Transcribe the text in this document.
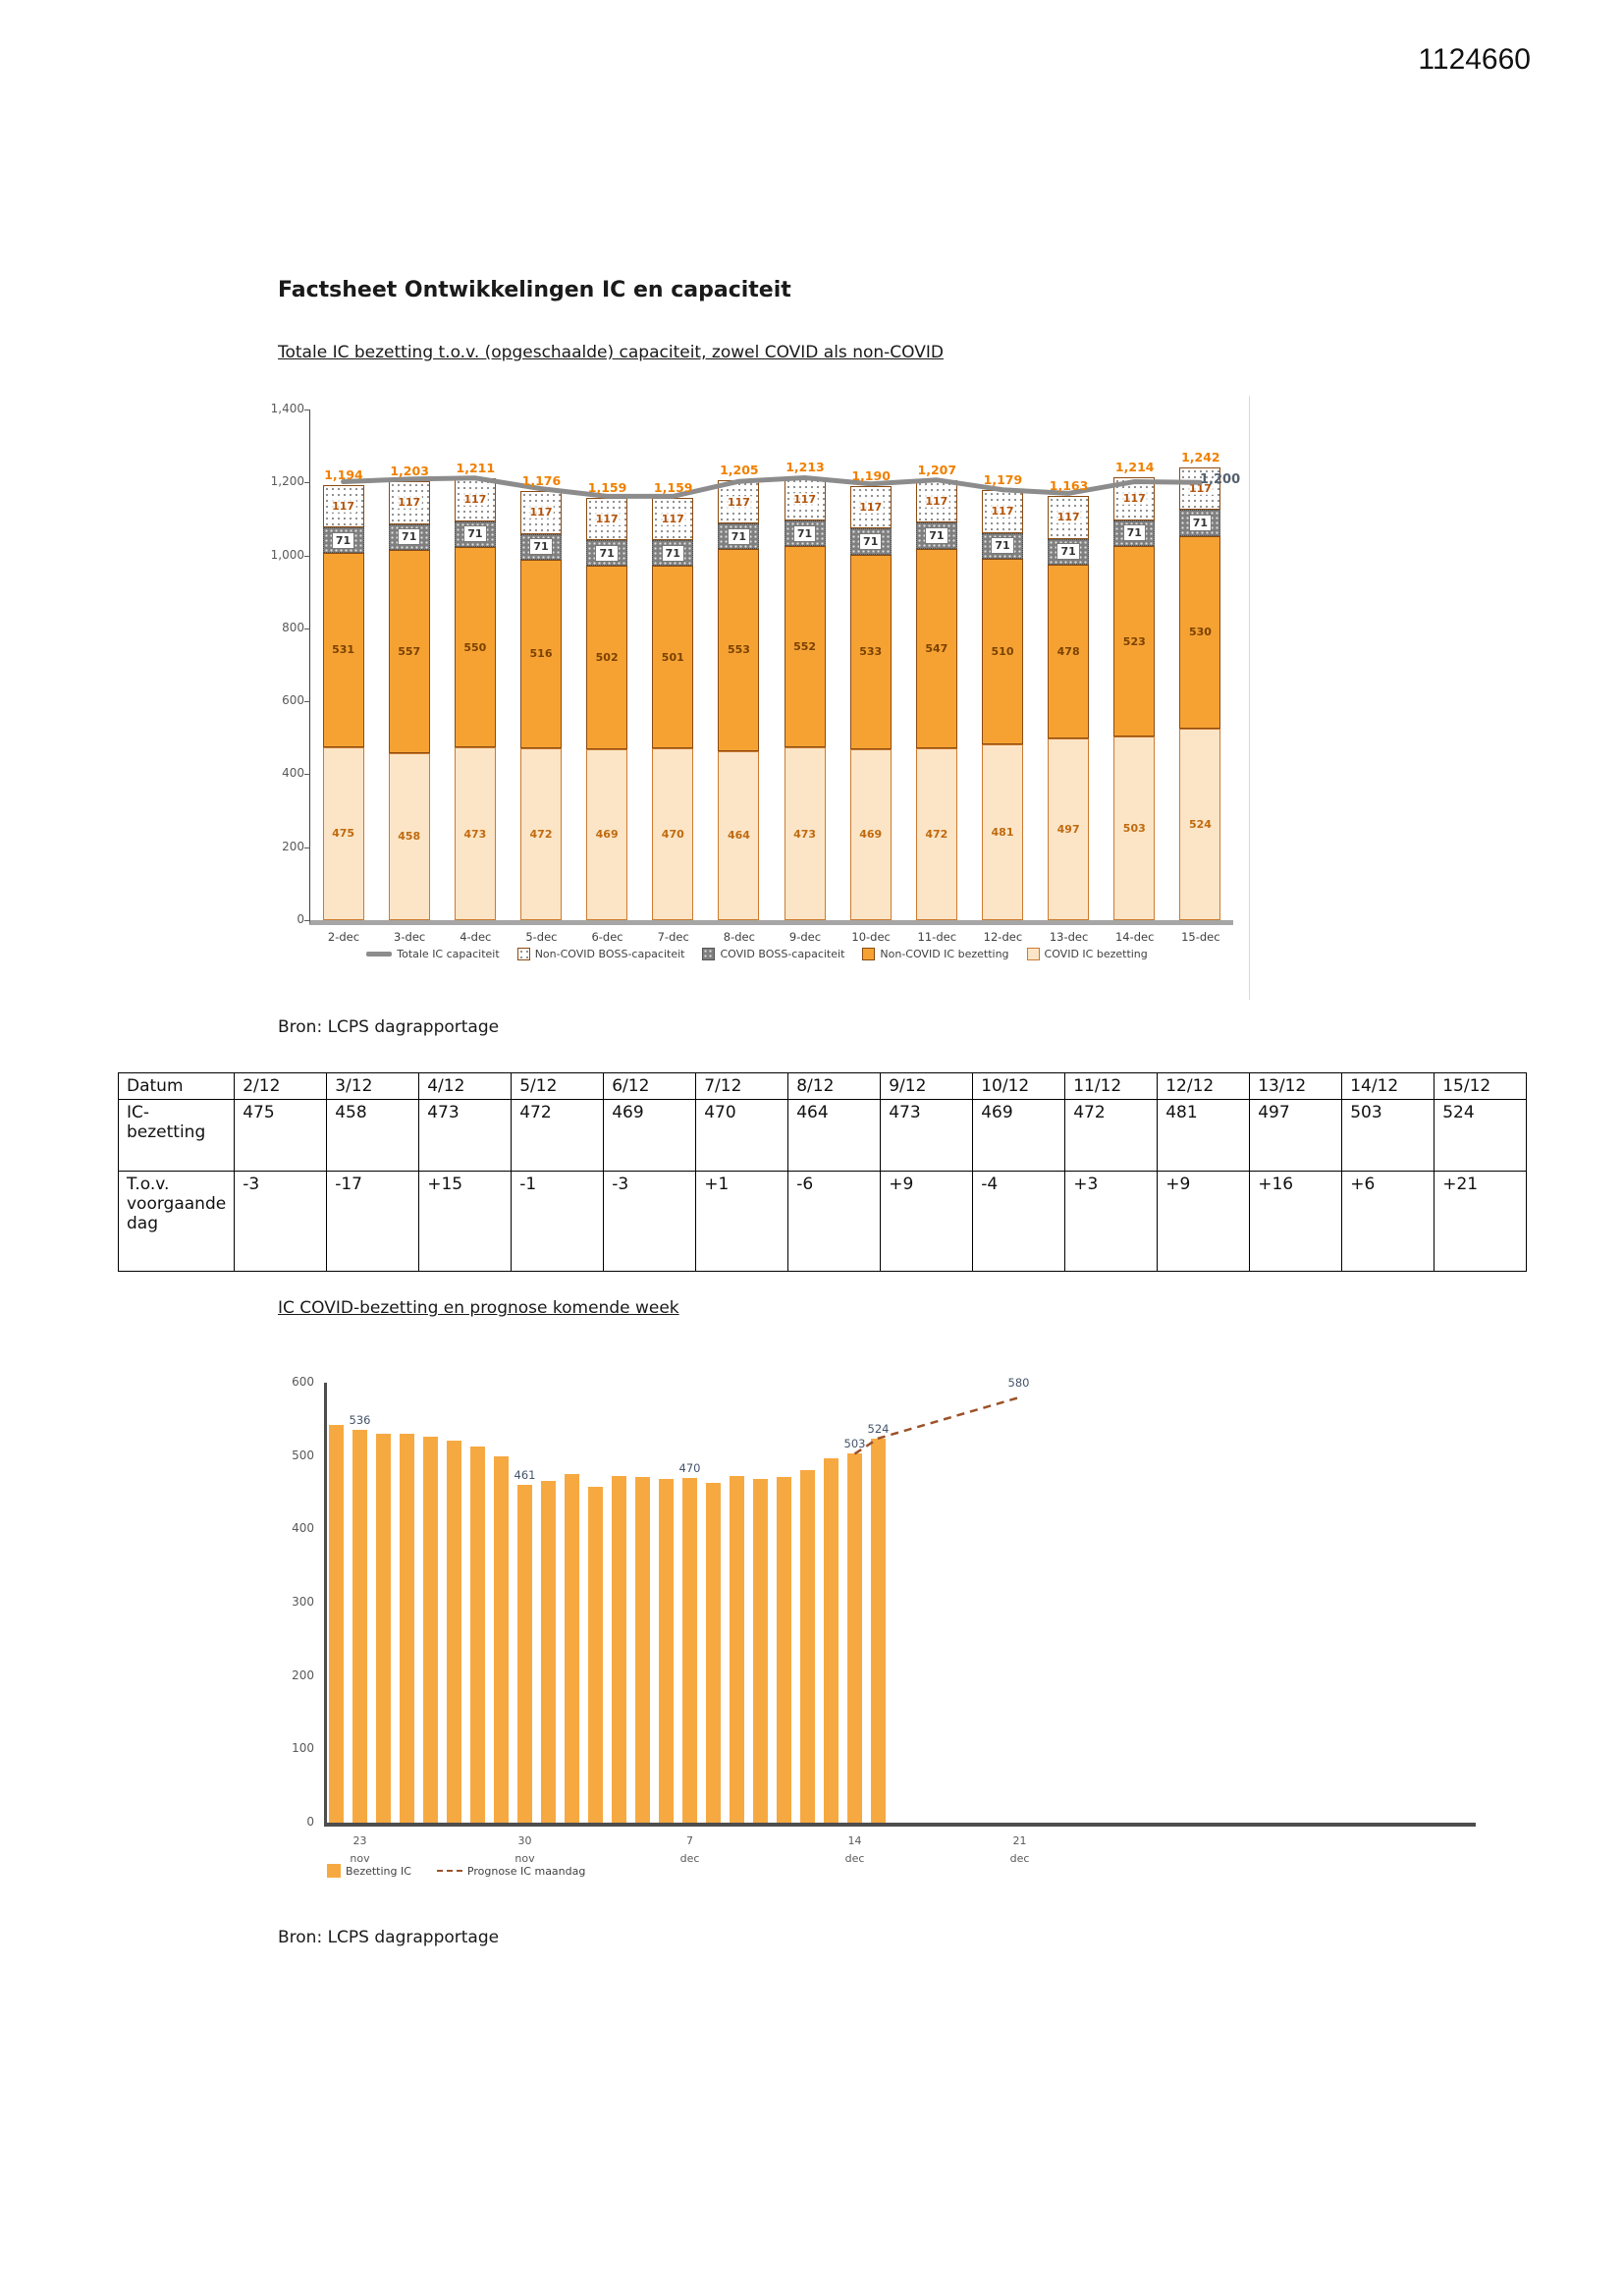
1124660
Factsheet Ontwikkelingen IC en capaciteit
Totale IC bezetting t.o.v. (opgeschaalde) capaciteit, zowel COVID als non-COVID
1,400
1,200
1,000
800
600
400
200
0
475
531
71
117
1,194
2-dec
458
557
71
117
1,203
3-dec
473
550
71
117
1,211
4-dec
472
516
71
117
1,176
5-dec
469
502
71
117
1,159
6-dec
470
501
71
117
1,159
7-dec
464
553
71
117
1,205
8-dec
473
552
71
117
1,213
9-dec
469
533
71
117
1,190
10-dec
472
547
71
117
1,207
11-dec
481
510
71
117
1,179
12-dec
497
478
71
117
1,163
13-dec
503
523
71
117
1,214
14-dec
524
530
71
117
1,242
15-dec
1,200
Totale IC capaciteit	Non-COVID BOSS-capaciteit	COVID BOSS-capaciteit	Non-COVID IC bezetting	COVID IC bezetting
Bron: LCPS dagrapportage
Datum	2/12	3/12	4/12	5/12	6/12	7/12	8/12	9/12	10/12	11/12	12/12	13/12	14/12	15/12
IC-bezetting	475	458	473	472	469	470	464	473	469	472	481	497	503	524
T.o.v. voorgaande dag	-3	-17	+15	-1	-3	+1	-6	+9	-4	+3	+9	+16	+6	+21
IC COVID-bezetting en prognose komende week
600
500
400
300
200
100
0
536
461	470
503
524
23
nov
30
nov
7
dec
14
dec
21
dec
580
Bezetting IC	Prognose IC maandag
Bron: LCPS dagrapportage
